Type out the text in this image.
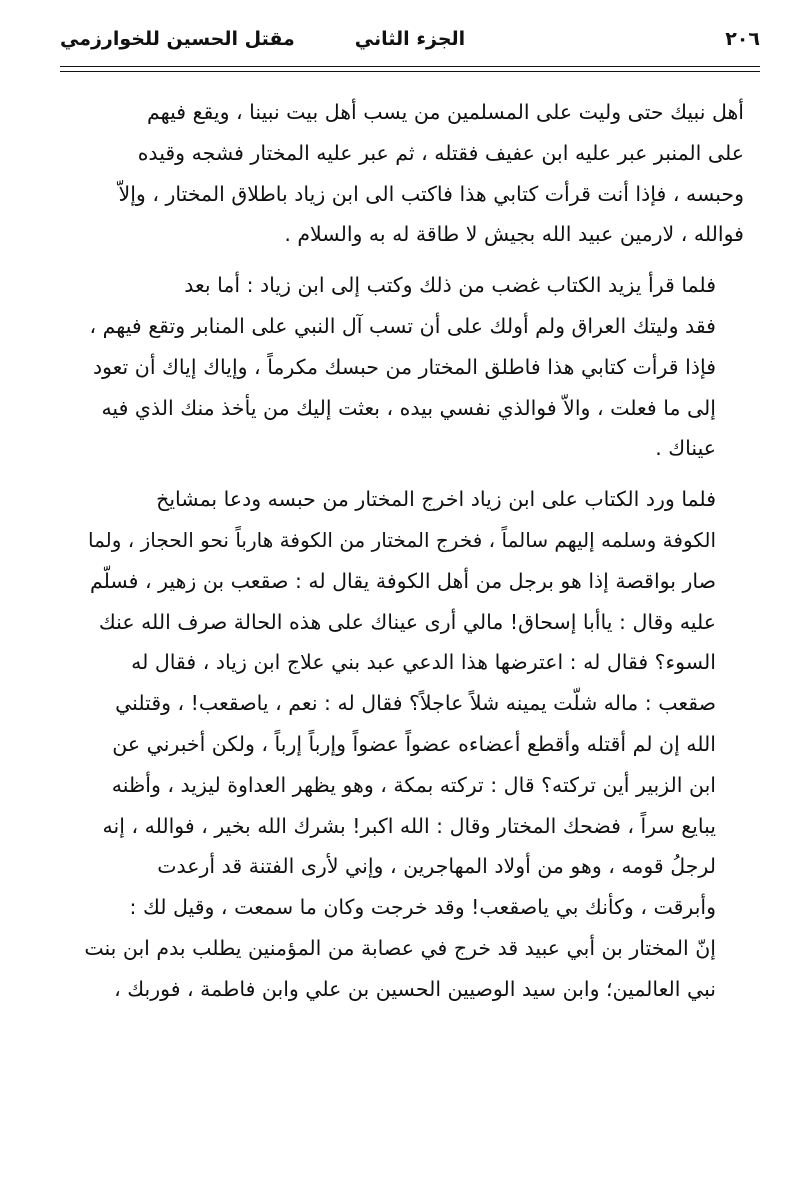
٢٠٦
الجزء الثاني
مقتل الحسين للخوارزمي

أهل نبيك حتى وليت على المسلمين من يسب أهل بيت نبينا ، ويقع فيهم
على المنبر عبر عليه ابن عفيف فقتله ، ثم عبر عليه المختار فشجه وقيده
وحبسه ، فإذا أنت قرأت كتابي هذا فاكتب الى ابن زياد باطلاق المختار ، وإلاّ
فوالله ، لارمين عبيد الله بجيش لا طاقة له به والسلام .

فلما قرأ يزيد الكتاب غضب من ذلك وكتب إلى ابن زياد : أما بعد
فقد وليتك العراق ولم أولك على أن تسب آل النبي على المنابر وتقع فيهم ،
فإذا قرأت كتابي هذا فاطلق المختار من حبسك مكرماً ، وإياك إياك أن تعود
إلى ما فعلت ، والاّ فوالذي نفسي بيده ، بعثت إليك من يأخذ منك الذي فيه
عيناك .

فلما ورد الكتاب على ابن زياد اخرج المختار من حبسه ودعا بمشايخ
الكوفة وسلمه إليهم سالماً ، فخرج المختار من الكوفة هارباً نحو الحجاز ، ولما
صار بواقصة إذا هو برجل من أهل الكوفة يقال له : صقعب بن زهير ، فسلّم
عليه وقال : ياأبا إسحاق! مالي أرى عيناك على هذه الحالة صرف الله عنك
السوء؟ فقال له : اعترضها هذا الدعي عبد بني علاج ابن زياد ، فقال له
صقعب : ماله شلّت يمينه شلاً عاجلاً؟ فقال له : نعم ، ياصقعب! ، وقتلني
الله إن لم أقتله وأقطع أعضاءه عضواً عضواً وإرباً إرباً ، ولكن أخبرني عن
ابن الزبير أين تركته؟ قال : تركته بمكة ، وهو يظهر العداوة ليزيد ، وأظنه
يبايع سراً ، فضحك المختار وقال : الله اكبر! بشرك الله بخير ، فوالله ، إنه
لرجلُ قومه ، وهو من أولاد المهاجرين ، وإني لأرى الفتنة قد أرعدت
وأبرقت ، وكأنك بي ياصقعب! وقد خرجت وكان ما سمعت ، وقيل لك :
إنّ المختار بن أبي عبيد قد خرج في عصابة من المؤمنين يطلب بدم ابن بنت
نبي العالمين؛ وابن سيد الوصيين الحسين بن علي وابن فاطمة ، فوربك ،
